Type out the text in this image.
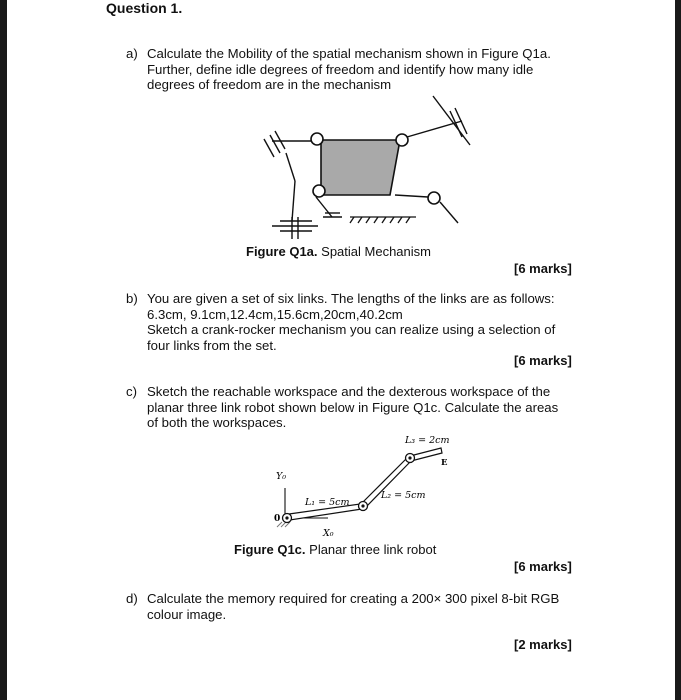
Question 1.
a) Calculate the Mobility of the spatial mechanism shown in Figure Q1a.
Further, define idle degrees of freedom and identify how many idle
degrees of freedom are in the mechanism
Figure Q1a. Spatial Mechanism
[6 marks]
b) You are given a set of six links. The lengths of the links are as follows:
6.3cm, 9.1cm,12.4cm,15.6cm,20cm,40.2cm
Sketch a crank-rocker mechanism you can realize using a selection of
four links from the set.
[6 marks]
c) Sketch the reachable workspace and the dexterous workspace of the
planar three link robot shown below in Figure Q1c. Calculate the areas
of both the workspaces.
L₃ = 2cm
L₂ = 5cm
L₁ = 5cm
Y₀
X₀
0
E
Figure Q1c. Planar three link robot
[6 marks]
d) Calculate the memory required for creating a 200× 300 pixel 8-bit RGB
colour image.
[2 marks]
